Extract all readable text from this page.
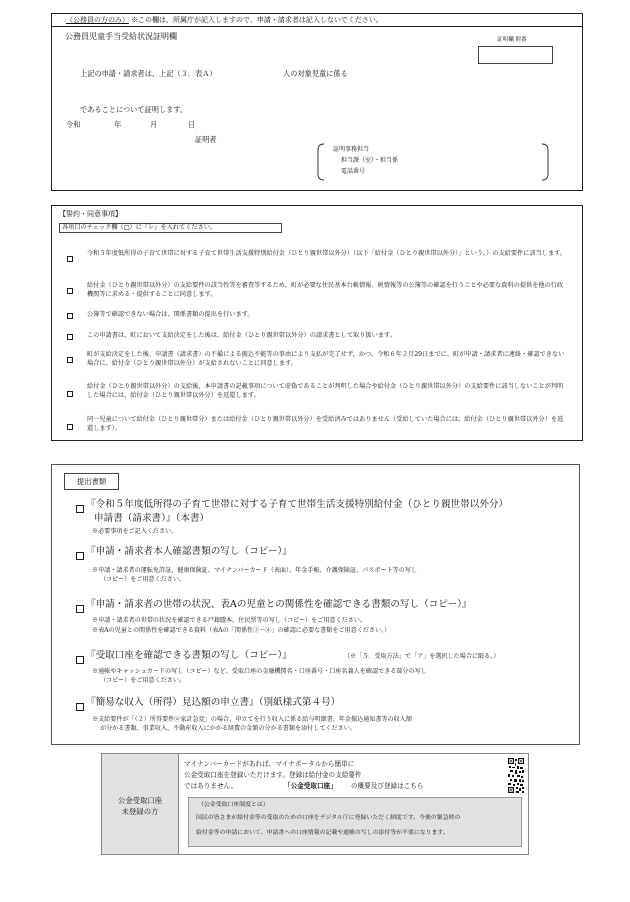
（公務員の方のみ） ※この欄は、所属庁が記入しますので、申請・請求者は記入しないでください。
公務員児童手当受給状況証明欄	証明欄 附番
上記の申請・請求者は、上記（３．表Ａ）	人の対象児童に係る
であることについて証明します。
令和	年	月	日
証明者
証明事務担当
担当課（室）・担当係
電話番号
【誓約・同意事項】
各項目のチェック欄（□）に『レ』を入れてください。
令和５年度低所得の子育て世帯に対する子育て世帯生活支援特別給付金（ひとり親世帯以外分）（以下「給付金（ひとり親世帯以外分）」という。）の支給要件に該当します。
給付金（ひとり親世帯以外分）の支給要件の該当性等を審査等するため、町が必要な住民基本台帳情報、税情報等の公簿等の確認を行うことや必要な資料の提供を他の行政機関等に求める・提供することに同意します。
公簿等で確認できない場合は、関係書類の提出を行います。
この申請書は、町において支給決定をした後は、給付金（ひとり親世帯以外分）の請求書として取り扱います。
町が支給決定をした後、申請書（請求書）の不備による振込不能等の事由により支払が完了せず、かつ、令和６年２月29日までに、町が申請・請求者に連絡・確認できない場合に、給付金（ひとり親世帯以外分）が支給されないことに同意します。
給付金（ひとり親世帯以外分）の支給後、本申請書の記載事項について虚偽であることが判明した場合や給付金（ひとり親世帯以外分）の支給要件に該当しないことが判明した場合には、給付金（ひとり親世帯以外分）を返還します。
同一児童について給付金（ひとり親世帯分）または給付金（ひとり親世帯以外分）を受給済みではありません（受給していた場合には、給付金（ひとり親世帯以外分）を返還します）。
提出書類
『令和５年度低所得の子育て世帯に対する子育て世帯生活支援特別給付金（ひとり親世帯以外分）
申請書（請求書）』（本書）
※必要事項をご記入ください。
『申請・請求者本人確認書類の写し（コピー）』
※申請・請求者の運転免許証、健康保険証、マイナンバーカード（表面）、年金手帳、介護保険証、パスポート等の写し
（コピー）をご用意ください。
『申請・請求者の世帯の状況、表Aの児童との関係性を確認できる書類の写し（コピー）』
※申請・請求者の世帯の状況を確認できる戸籍謄本、住民票等の写し（コピー）をご用意ください。
※表Aの児童との関係性を確認できる資料（表Aの「関係性①～④」の確認に必要な書類をご用意ください。）
『受取口座を確認できる書類の写し（コピー）』	（※「５．受取方法」で「ア」を選択した場合に限る。）
※通帳やキャッシュカードの写し（コピー）など、受取口座の金融機関名・口座番号・口座名義人を確認できる部分の写し
（コピー）をご用意ください。
『簡易な収入（所得）見込額の申立書』（別紙様式第４号）
※支給要件が「（２）所得要件②家計急変」の場合、申立てを行う収入に係る給与明細書、年金振込通知書等の収入額
が分かる書類、事業収入、不動産収入にかかる経費の金額の分かる書類を添付してください。
公金受取口座
未登録の方
マイナンバーカードがあれば、マイナポータルから簡単に
公金受取口座を登録いただけます。登録は給付金の支給要件
ではありません。	「公金受取口座」 の概要及び登録はこちら
（公金受取口座制度とは）
国民の皆さまが給付金等の受取のための口座をデジタル庁に登録いただく制度です。今後の緊急時の
給付金等の申請において、申請書への口座情報の記載や通帳の写しの添付等が不要になります。
